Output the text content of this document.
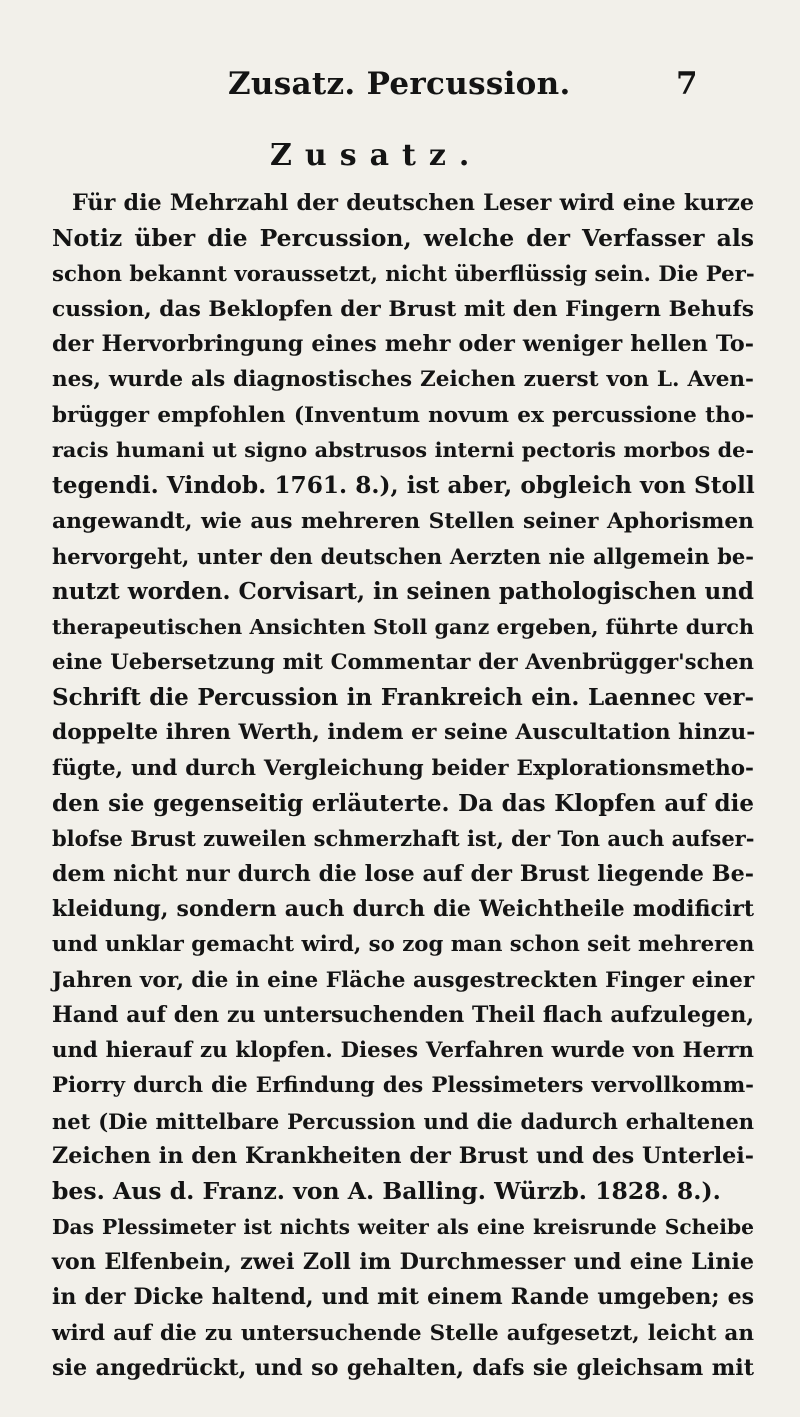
Zusatz. Percussion.	7
Zusatz.
Für die Mehrzahl der deutschen Leser wird eine kurze
Notiz über die Percussion, welche der Verfasser als
schon bekannt voraussetzt, nicht überflüssig sein. Die Per-
cussion, das Beklopfen der Brust mit den Fingern Behufs
der Hervorbringung eines mehr oder weniger hellen To-
nes, wurde als diagnostisches Zeichen zuerst von L. Aven-
brügger empfohlen (Inventum novum ex percussione tho-
racis humani ut signo abstrusos interni pectoris morbos de-
tegendi. Vindob. 1761. 8.), ist aber, obgleich von Stoll
angewandt, wie aus mehreren Stellen seiner Aphorismen
hervorgeht, unter den deutschen Aerzten nie allgemein be-
nutzt worden. Corvisart, in seinen pathologischen und
therapeutischen Ansichten Stoll ganz ergeben, führte durch
eine Uebersetzung mit Commentar der Avenbrügger'schen
Schrift die Percussion in Frankreich ein. Laennec ver-
doppelte ihren Werth, indem er seine Auscultation hinzu-
fügte, und durch Vergleichung beider Explorationsmetho-
den sie gegenseitig erläuterte. Da das Klopfen auf die
blofse Brust zuweilen schmerzhaft ist, der Ton auch aufser-
dem nicht nur durch die lose auf der Brust liegende Be-
kleidung, sondern auch durch die Weichtheile modificirt
und unklar gemacht wird, so zog man schon seit mehreren
Jahren vor, die in eine Fläche ausgestreckten Finger einer
Hand auf den zu untersuchenden Theil flach aufzulegen,
und hierauf zu klopfen. Dieses Verfahren wurde von Herrn
Piorry durch die Erfindung des Plessimeters vervollkomm-
net (Die mittelbare Percussion und die dadurch erhaltenen
Zeichen in den Krankheiten der Brust und des Unterlei-
bes. Aus d. Franz. von A. Balling. Würzb. 1828. 8.).
Das Plessimeter ist nichts weiter als eine kreisrunde Scheibe
von Elfenbein, zwei Zoll im Durchmesser und eine Linie
in der Dicke haltend, und mit einem Rande umgeben; es
wird auf die zu untersuchende Stelle aufgesetzt, leicht an
sie angedrückt, und so gehalten, dafs sie gleichsam mit
